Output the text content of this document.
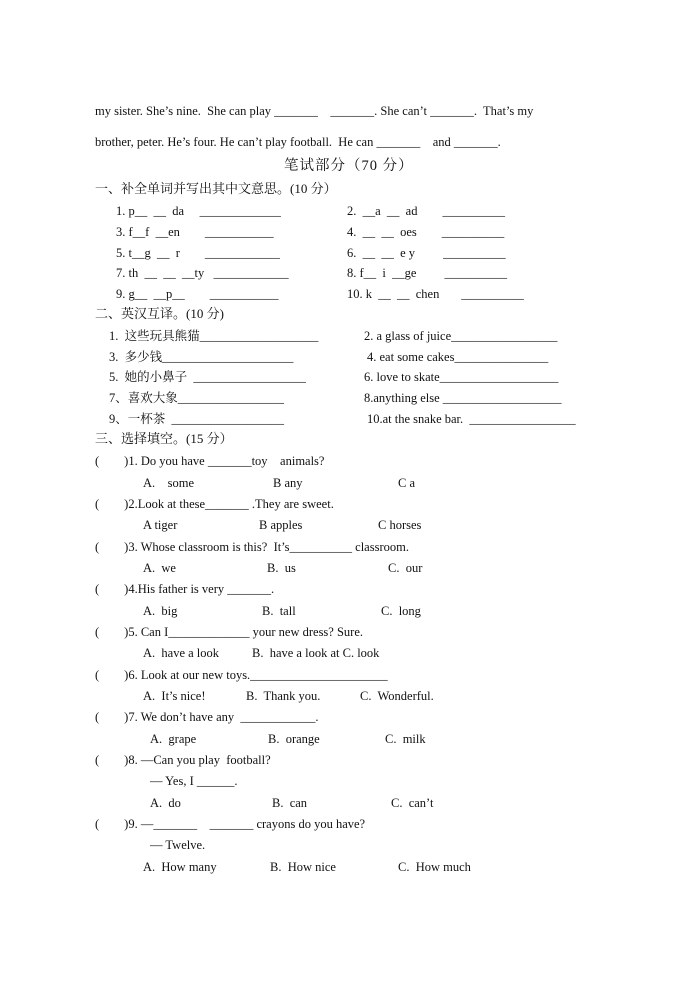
my sister. She’s nine.  She can play _______    _______. She can’t _______.  That’s my
brother, peter. He’s four. He can’t play football.  He can _______    and _______.
笔试部分（70 分）
一、补全单词并写出其中文意思。(10 分）
1. p__  __  da     _____________	2.  __a  __  ad        __________
3. f__f  __en        ___________	4.  __  __  oes        __________
5. t__g  __  r        ____________	6.  __  __  e y         __________
7. th  __  __  __ty   ____________	8. f__  i  __ge         __________
9. g__  __p__        ___________	10. k  __  __  chen       __________
二、英汉互译。(10 分)
1.  这些玩具熊猫___________________	2. a glass of juice_________________
3.  多少钱_____________________	4. eat some cakes_______________
5.  她的小鼻子  __________________	6. love to skate___________________
7、喜欢大象_________________	8.anything else ___________________
9、一杯茶  __________________	10.at the snake bar.  _________________
三、选择填空。(15 分）
(        )1. Do you have _______toy    animals?
A.    some	B any	C a
(        )2.Look at these_______ .They are sweet.
A tiger	B apples	C horses
(        )3. Whose classroom is this?  It’s__________ classroom.
A.  we	B.  us	C.  our
(        )4.His father is very _______.
A.  big	B.  tall	C.  long
(        )5. Can I_____________ your new dress? Sure.
A.  have a look	B.  have a look at C. look
(        )6. Look at our new toys.______________________
A.  It’s nice!	B.  Thank you.	C.  Wonderful.
(        )7. We don’t have any  ____________.
A.  grape	B.  orange	C.  milk
(        )8. —Can you play  football?
— Yes, I ______.
A.  do	B.  can	C.  can’t
(        )9. —_______    _______ crayons do you have?
— Twelve.
A.  How many	B.  How nice	C.  How much
